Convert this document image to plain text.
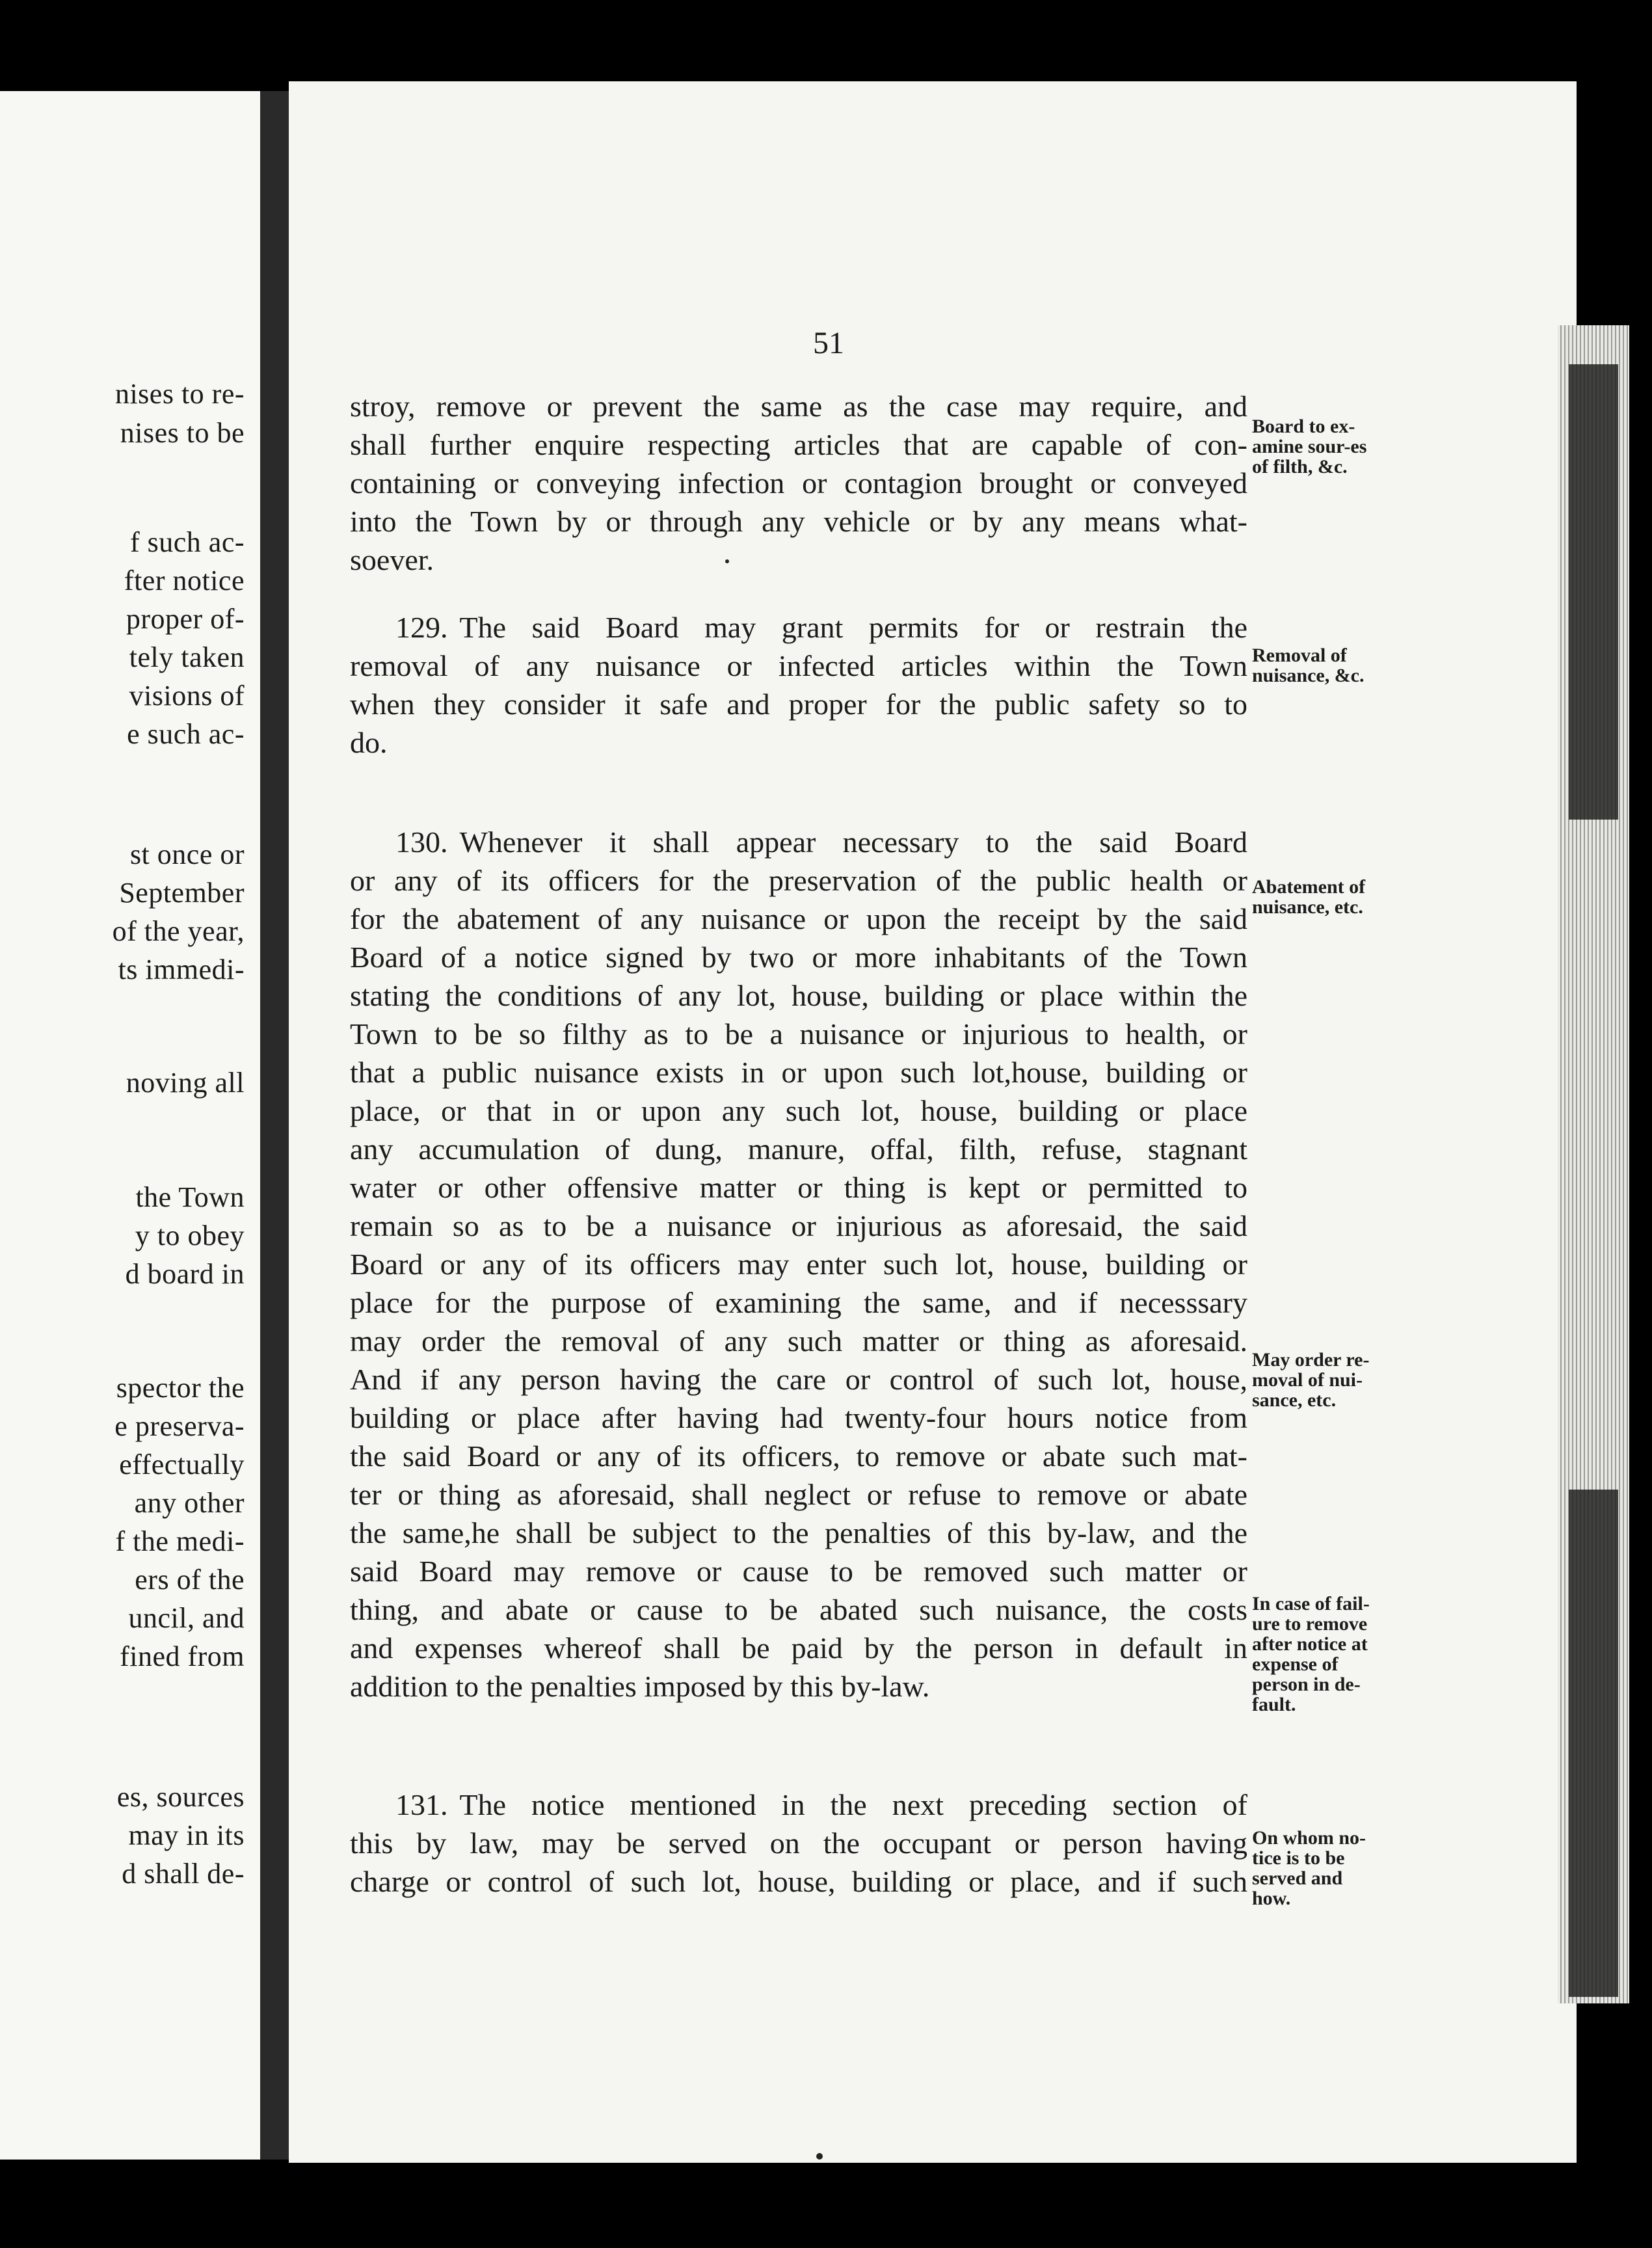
nises to re-
nises to be
f such ac-
fter notice
proper of-
tely taken
visions of
e such ac-
st once or
September
of the year,
ts immedi-
noving all
the Town
y to obey
d board in
spector the
e preserva-
effectually
any other
f the medi-
ers of the
uncil, and
fined from
es, sources
may in its
d shall de-
51
stroy, remove or prevent the same as the case may require, and
shall further enquire respecting articles that are capable of con-
containing or conveying infection or contagion brought or conveyed
into the Town by or through any vehicle or by any means what-
soever.
Board to ex-
amine sour-es
of filth, &c.
129. The said Board may grant permits for or restrain the
removal of any nuisance or infected articles within the Town
when they consider it safe and proper for the public safety so to
do.
Removal of
nuisance, &c.
130. Whenever it shall appear necessary to the said Board
or any of its officers for the preservation of the public health or
for the abatement of any nuisance or upon the receipt by the said
Board of a notice signed by two or more inhabitants of the Town
stating the conditions of any lot, house, building or place within the
Town to be so filthy as to be a nuisance or injurious to health, or
that a public nuisance exists in or upon such lot,house, building or
place, or that in or upon any such lot, house, building or place
any accumulation of dung, manure, offal, filth, refuse, stagnant
water or other offensive matter or thing is kept or permitted to
remain so as to be a nuisance or injurious as aforesaid, the said
Board or any of its officers may enter such lot, house, building or
place for the purpose of examining the same, and if necesssary
may order the removal of any such matter or thing as aforesaid.
And if any person having the care or control of such lot, house,
building or place after having had twenty-four hours notice from
the said Board or any of its officers, to remove or abate such mat-
ter or thing as aforesaid, shall neglect or refuse to remove or abate
the same,he shall be subject to the penalties of this by-law, and the
said Board may remove or cause to be removed such matter or
thing, and abate or cause to be abated such nuisance, the costs
and expenses whereof shall be paid by the person in default in
addition to the penalties imposed by this by-law.
Abatement of
nuisance, etc.
May order re-
moval of nui-
sance, etc.
In case of fail-
ure to remove
after notice at
expense of
person in de-
fault.
131. The notice mentioned in the next preceding section of
this by law, may be served on the occupant or person having
charge or control of such lot, house, building or place, and if such
On whom no-
tice is to be
served and
how.
